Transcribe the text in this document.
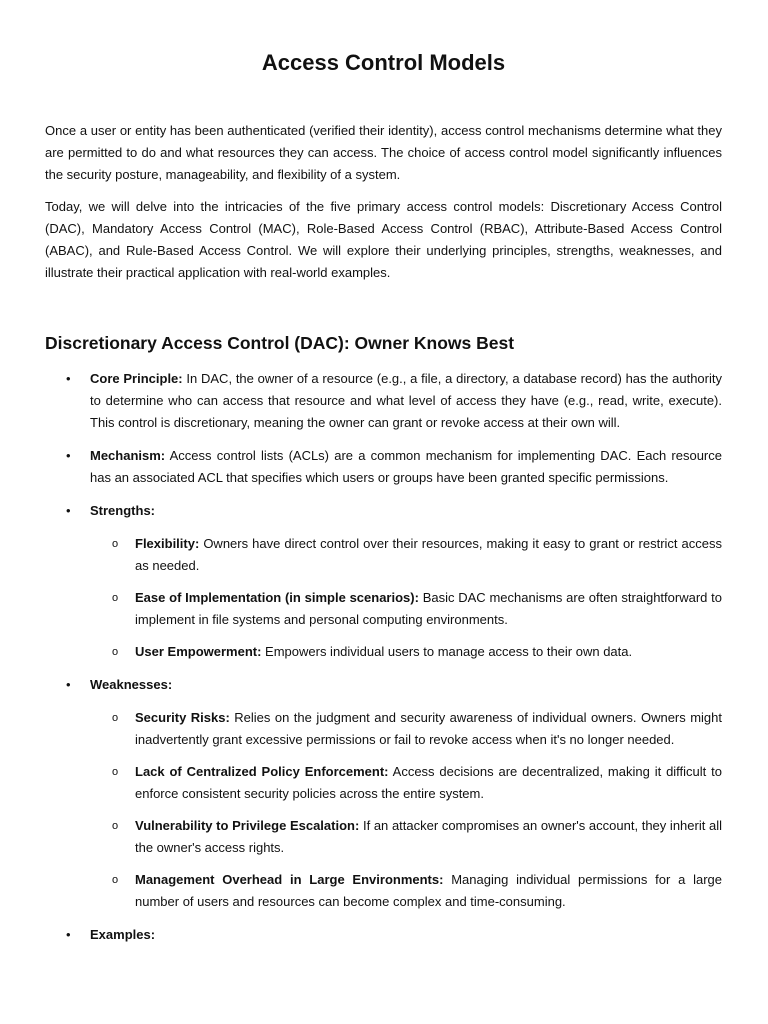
Access Control Models

Once a user or entity has been authenticated (verified their identity), access control mechanisms determine what they are permitted to do and what resources they can access. The choice of access control model significantly influences the security posture, manageability, and flexibility of a system.

Today, we will delve into the intricacies of the five primary access control models: Discretionary Access Control (DAC), Mandatory Access Control (MAC), Role-Based Access Control (RBAC), Attribute-Based Access Control (ABAC), and Rule-Based Access Control. We will explore their underlying principles, strengths, weaknesses, and illustrate their practical application with real-world examples.

Discretionary Access Control (DAC): Owner Knows Best
• Core Principle: In DAC, the owner of a resource (e.g., a file, a directory, a database record) has the authority to determine who can access that resource and what level of access they have (e.g., read, write, execute). This control is discretionary, meaning the owner can grant or revoke access at their own will.
• Mechanism: Access control lists (ACLs) are a common mechanism for implementing DAC. Each resource has an associated ACL that specifies which users or groups have been granted specific permissions.
• Strengths:
o Flexibility: Owners have direct control over their resources, making it easy to grant or restrict access as needed.
o Ease of Implementation (in simple scenarios): Basic DAC mechanisms are often straightforward to implement in file systems and personal computing environments.
o User Empowerment: Empowers individual users to manage access to their own data.
• Weaknesses:
o Security Risks: Relies on the judgment and security awareness of individual owners. Owners might inadvertently grant excessive permissions or fail to revoke access when it's no longer needed.
o Lack of Centralized Policy Enforcement: Access decisions are decentralized, making it difficult to enforce consistent security policies across the entire system.
o Vulnerability to Privilege Escalation: If an attacker compromises an owner's account, they inherit all the owner's access rights.
o Management Overhead in Large Environments: Managing individual permissions for a large number of users and resources can become complex and time-consuming.
• Examples:
